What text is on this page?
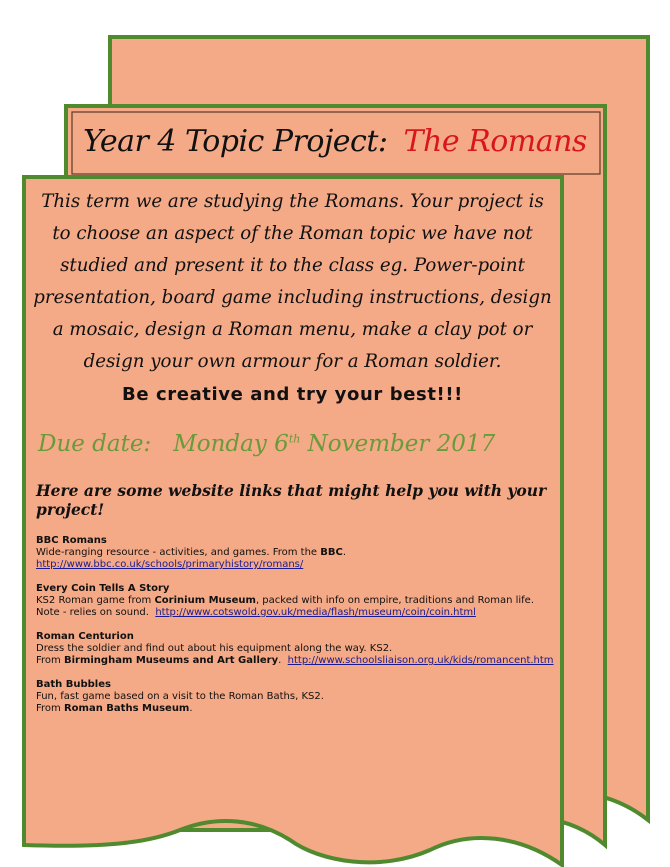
Year 4 Topic Project: The Romans

This term we are studying the Romans. Your project is to choose an aspect of the Roman topic we have not studied and present it to the class eg. Power-point presentation, board game including instructions, design a mosaic, design a Roman menu, make a clay pot or design your own armour for a Roman soldier.

Be creative and try your best!!!

Due date: Monday 6th November 2017
Here are some website links that might help you with your project!
BBC Romans
Wide-ranging resource - activities, and games. From the BBC.
http://www.bbc.co.uk/schools/primaryhistory/romans/
Every Coin Tells A Story
KS2 Roman game from Corinium Museum, packed with info on empire, traditions and Roman life.
Note - relies on sound.  http://www.cotswold.gov.uk/media/flash/museum/coin/coin.html
Roman Centurion
Dress the soldier and find out about his equipment along the way. KS2.
From Birmingham Museums and Art Gallery.  http://www.schoolsliaison.org.uk/kids/romancent.htm
Bath Bubbles
Fun, fast game based on a visit to the Roman Baths, KS2.
From Roman Baths Museum.
